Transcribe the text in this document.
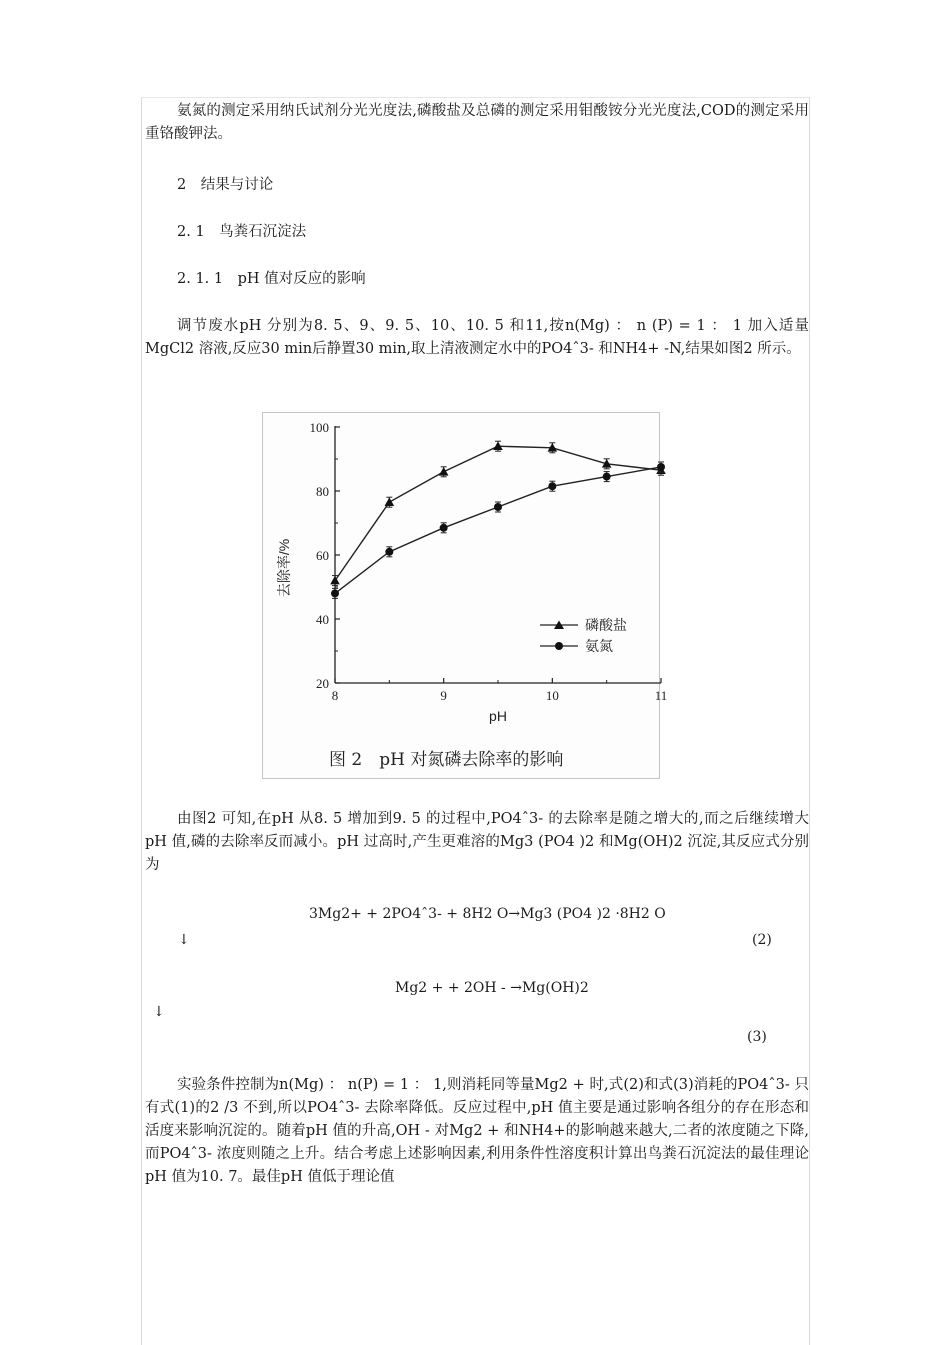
氨氮的测定采用纳氏试剂分光光度法,磷酸盐及总磷的测定采用钼酸铵分光光度法,COD的测定采用重铬酸钾法。

2　结果与讨论
2. 1　鸟粪石沉淀法
2. 1. 1　pH 值对反应的影响

调节废水pH 分别为8. 5、9、9. 5、10、10. 5 和11,按n(Mg) ： n (P) = 1 ： 1 加入适量MgCl2 溶液,反应30 min后静置30 min,取上清液测定水中的PO4ˆ3- 和NH4+ -N,结果如图2 所示。

20
40
60
80
100
8	9	10	11
去除率/%
pH
磷酸盐
氨氮
图 2　pH 对氮磷去除率的影响

由图2 可知,在pH 从8. 5 增加到9. 5 的过程中,PO4ˆ3- 的去除率是随之增大的,而之后继续增大pH 值,磷的去除率反而减小。pH 过高时,产生更难溶的Mg3 (PO4 )2 和Mg(OH)2 沉淀,其反应式分别为

3Mg2+ + 2PO4ˆ3- + 8H2 O→Mg3 (PO4 )2 ·8H2 O
↓	(2)
Mg2 + + 2OH - →Mg(OH)2
↓
(3)

实验条件控制为n(Mg) ： n(P) = 1 ： 1,则消耗同等量Mg2 + 时,式(2)和式(3)消耗的PO4ˆ3- 只有式(1)的2 /3 不到,所以PO4ˆ3- 去除率降低。反应过程中,pH 值主要是通过影响各组分的存在形态和活度来影响沉淀的。随着pH 值的升高,OH - 对Mg2 + 和NH4+的影响越来越大,二者的浓度随之下降,而PO4ˆ3- 浓度则随之上升。结合考虑上述影响因素,利用条件性溶度积计算出鸟粪石沉淀法的最佳理论pH 值为10. 7。最佳pH 值低于理论值
